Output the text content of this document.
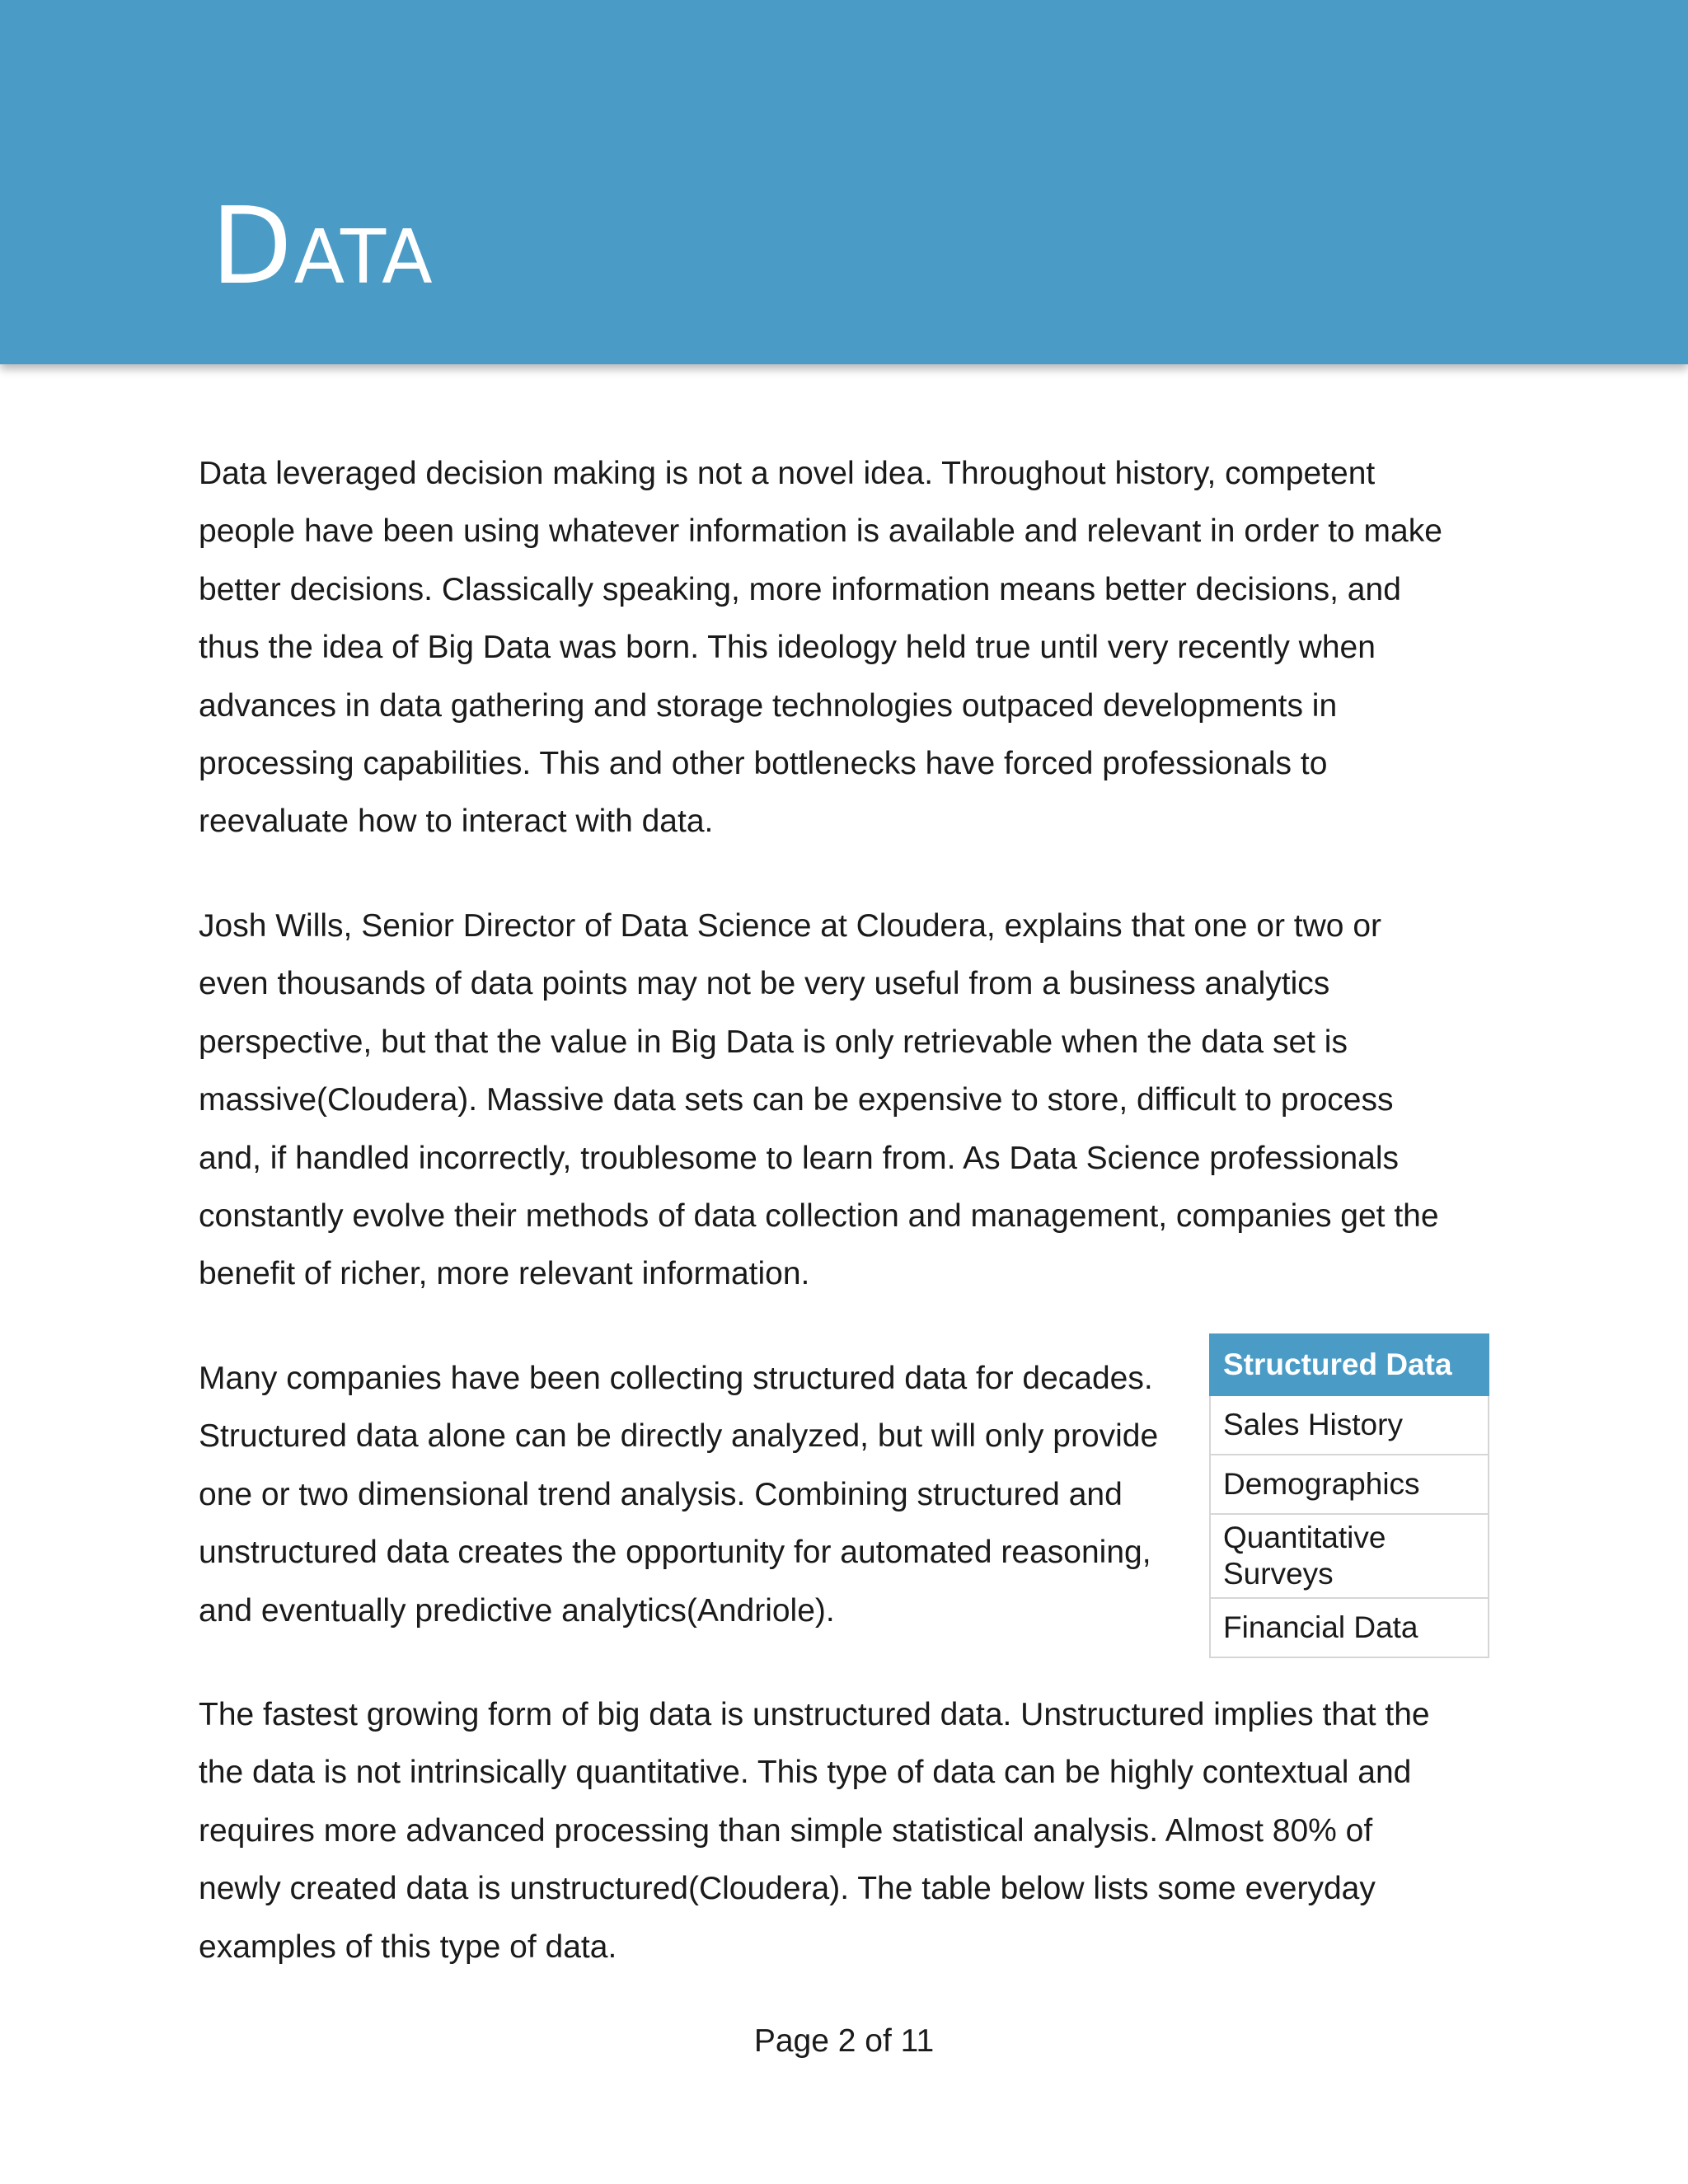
Data

Data leveraged decision making is not a novel idea. Throughout history, competent
people have been using whatever information is available and relevant in order to make
better decisions. Classically speaking, more information means better decisions, and
thus the idea of Big Data was born. This ideology held true until very recently when
advances in data gathering and storage technologies outpaced developments in
processing capabilities. This and other bottlenecks have forced professionals to
reevaluate how to interact with data.

Josh Wills, Senior Director of Data Science at Cloudera, explains that one or two or
even thousands of data points may not be very useful from a business analytics
perspective, but that the value in Big Data is only retrievable when the data set is
massive(Cloudera). Massive data sets can be expensive to store, difficult to process
and, if handled incorrectly, troublesome to learn from. As Data Science professionals
constantly evolve their methods of data collection and management, companies get the
benefit of richer, more relevant information.

Many companies have been collecting structured data for decades.
Structured data alone can be directly analyzed, but will only provide
one or two dimensional trend analysis. Combining structured and
unstructured data creates the opportunity for automated reasoning,
and eventually predictive analytics(Andriole).

Structured Data
Sales History
Demographics
Quantitative Surveys
Financial Data

The fastest growing form of big data is unstructured data. Unstructured implies that the
the data is not intrinsically quantitative. This type of data can be highly contextual and
requires more advanced processing than simple statistical analysis. Almost 80% of
newly created data is unstructured(Cloudera). The table below lists some everyday
examples of this type of data.

Page 2 of 11
